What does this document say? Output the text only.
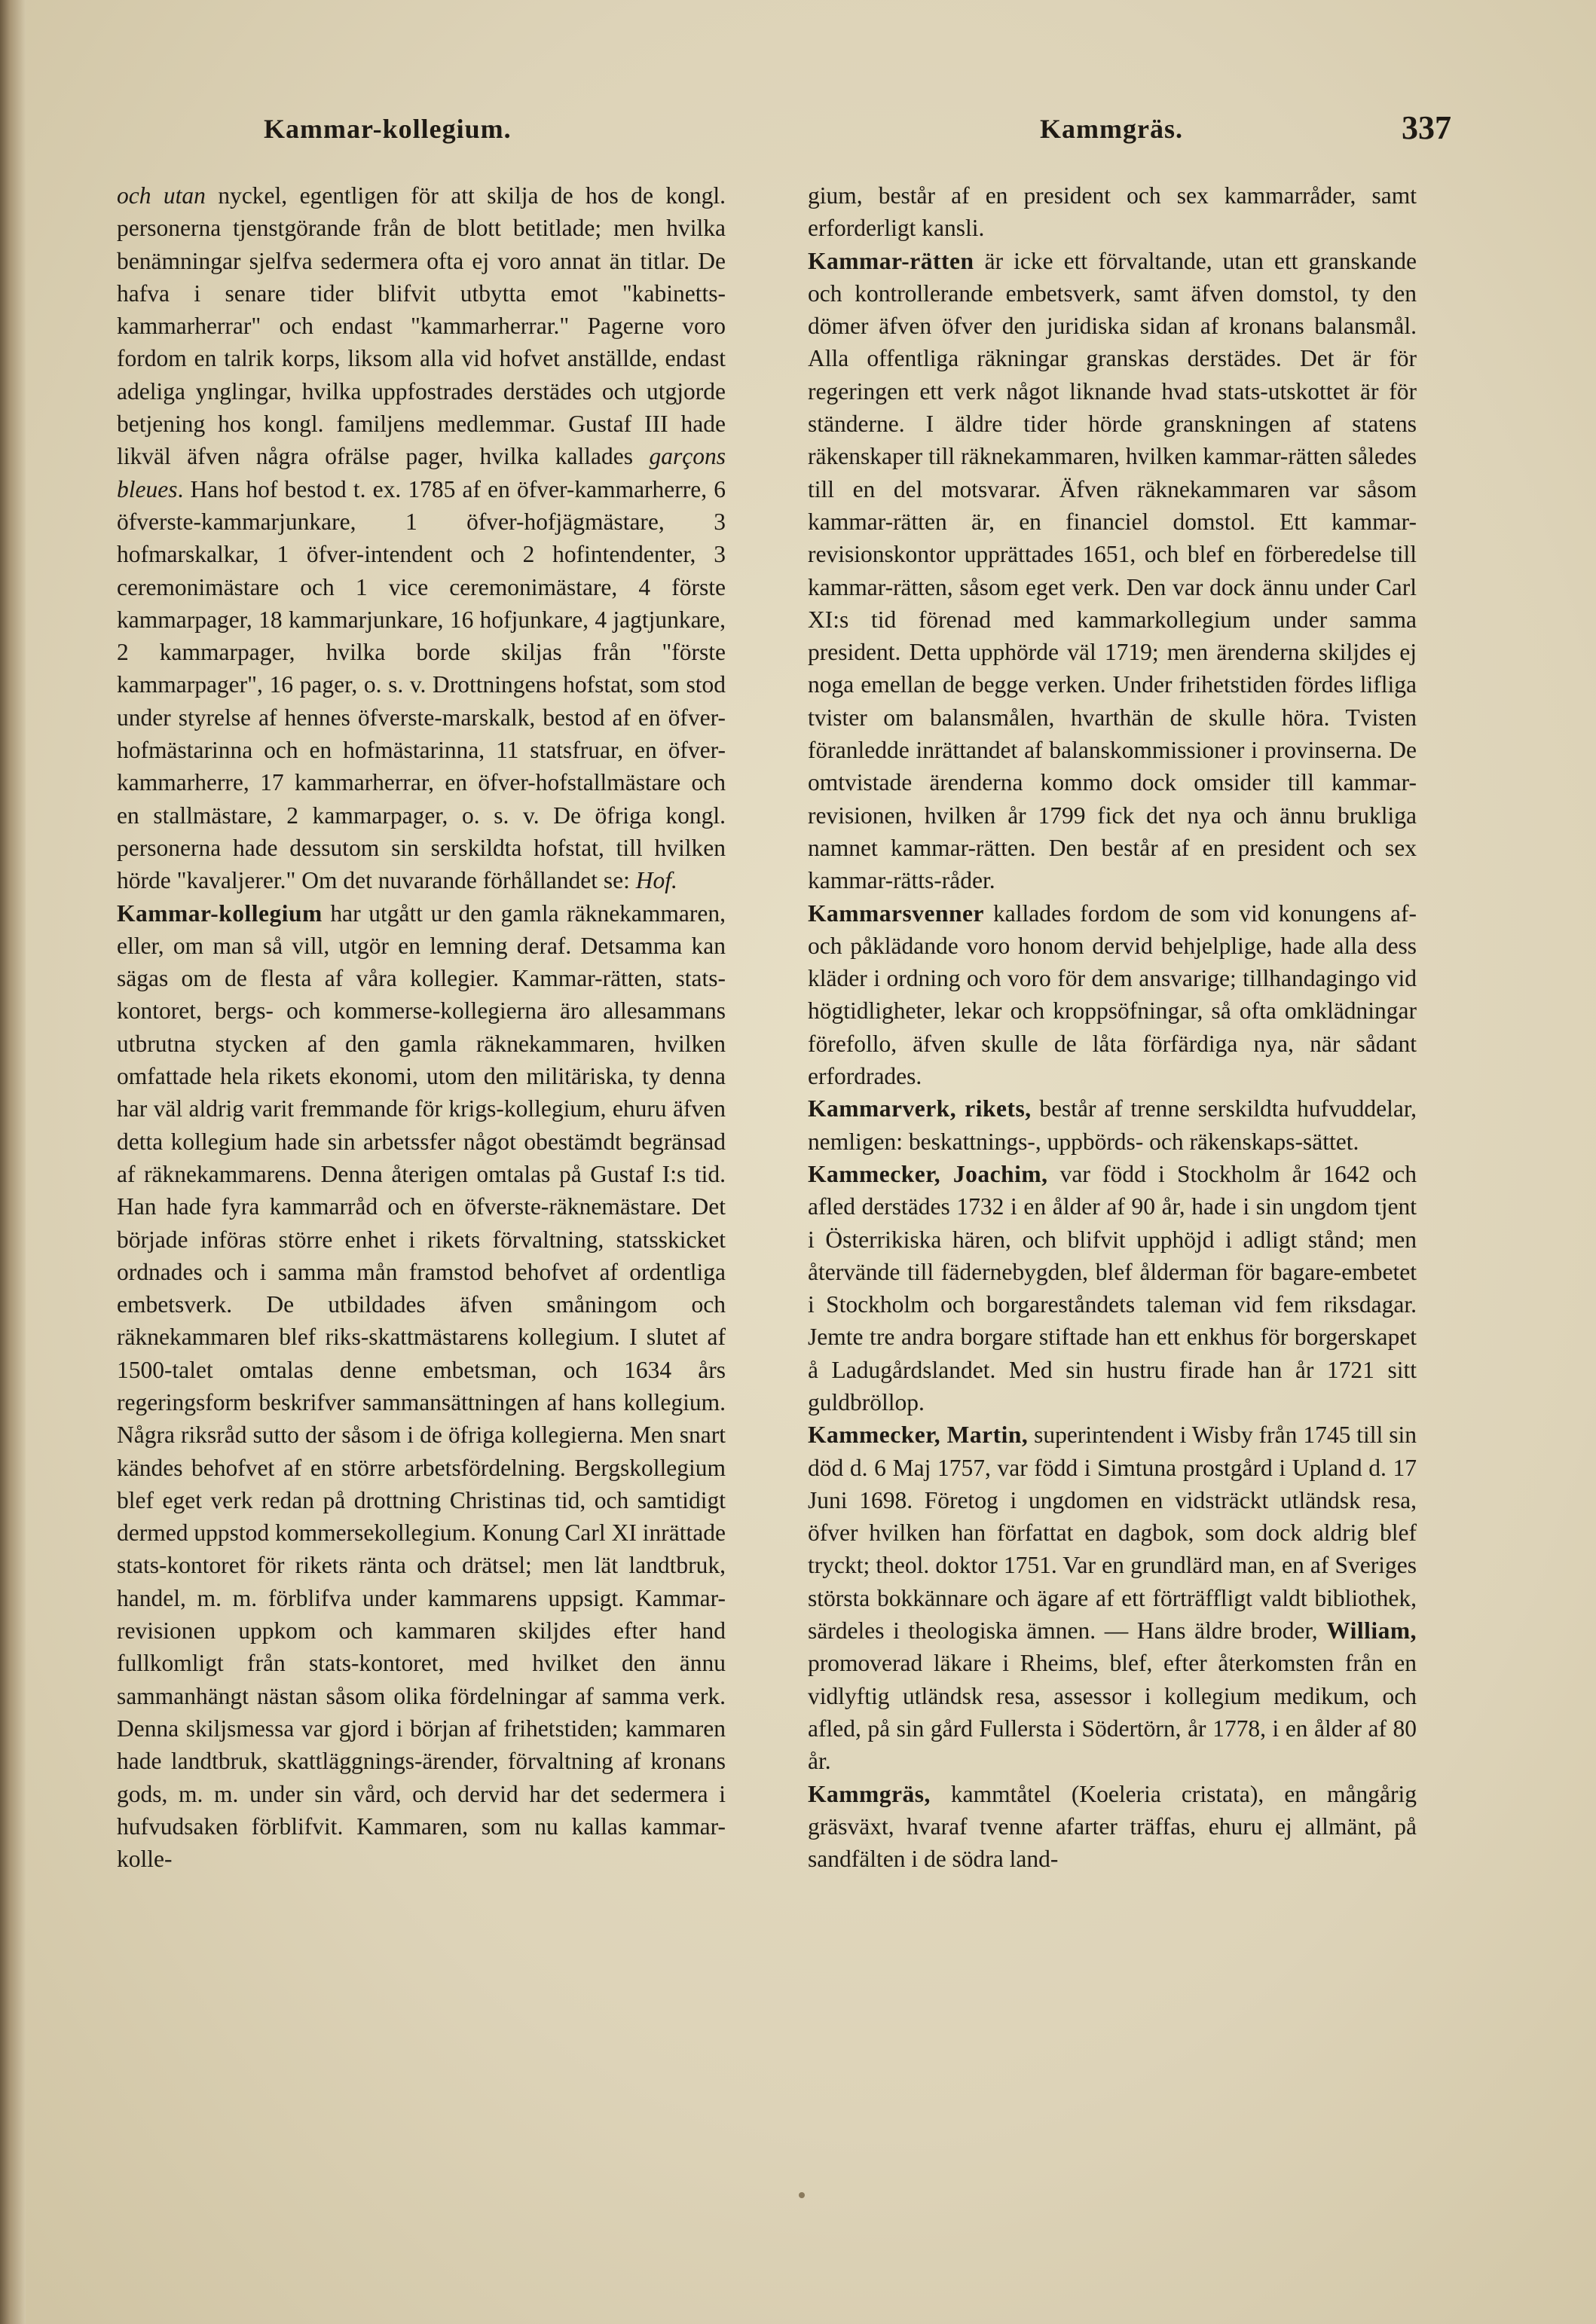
Kammar-kollegium.	Kammgräs.	337

och utan nyckel, egentligen för att skilja de hos de kongl. personerna tjenstgörande från de blott betitlade; men hvilka benämningar sjelfva sedermera ofta ej voro annat än titlar. De hafva i senare tider blifvit utbytta emot "kabinetts-kammarherrar" och endast "kammarherrar." Pagerne voro fordom en talrik korps, liksom alla vid hofvet anställde, endast adeliga ynglingar, hvilka uppfostrades derstädes och utgjorde betjening hos kongl. familjens medlemmar. Gustaf III hade likväl äfven några ofrälse pager, hvilka kallades garçons bleues. Hans hof bestod t. ex. 1785 af en öfver-kammarherre, 6 öfverste-kammarjunkare, 1 öfver-hofjägmästare, 3 hofmarskalkar, 1 öfver-intendent och 2 hofintendenter, 3 ceremonimästare och 1 vice ceremonimästare, 4 förste kammarpager, 18 kammarjunkare, 16 hofjunkare, 4 jagtjunkare, 2 kammarpager, hvilka borde skiljas från "förste kammarpager", 16 pager, o. s. v. Drottningens hofstat, som stod under styrelse af hennes öfverste-marskalk, bestod af en öfver-hofmästarinna och en hofmästarinna, 11 statsfruar, en öfver-kammarherre, 17 kammarherrar, en öfver-hofstallmästare och en stallmästare, 2 kammarpager, o. s. v. De öfriga kongl. personerna hade dessutom sin serskildta hofstat, till hvilken hörde "kavaljerer." Om det nuvarande förhållandet se: Hof.

Kammar-kollegium har utgått ur den gamla räknekammaren, eller, om man så vill, utgör en lemning deraf. Detsamma kan sägas om de flesta af våra kollegier. Kammar-rätten, stats-kontoret, bergs- och kommerse-kollegierna äro allesammans utbrutna stycken af den gamla räknekammaren, hvilken omfattade hela rikets ekonomi, utom den militäriska, ty denna har väl aldrig varit fremmande för krigs-kollegium, ehuru äfven detta kollegium hade sin arbetssfer något obestämdt begränsad af räknekammarens. Denna återigen omtalas på Gustaf I:s tid. Han hade fyra kammarråd och en öfverste-räknemästare. Det började införas större enhet i rikets förvaltning, statsskicket ordnades och i samma mån framstod behofvet af ordentliga embetsverk. De utbildades äfven småningom och räknekammaren blef riks-skattmästarens kollegium. I slutet af 1500-talet omtalas denne embetsman, och 1634 års regeringsform beskrifver sammansättningen af hans kollegium. Några riksråd sutto der såsom i de öfriga kollegierna. Men snart kändes behofvet af en större arbetsfördelning. Bergskollegium blef eget verk redan på drottning Christinas tid, och samtidigt dermed uppstod kommersekollegium. Konung Carl XI inrättade stats-kontoret för rikets ränta och drätsel; men lät landtbruk, handel, m. m. förblifva under kammarens uppsigt. Kammar-revisionen uppkom och kammaren skiljdes efter hand fullkomligt från stats-kontoret, med hvilket den ännu sammanhängt nästan såsom olika fördelningar af samma verk. Denna skiljsmessa var gjord i början af frihetstiden; kammaren hade landtbruk, skattläggnings-ärender, förvaltning af kronans gods, m. m. under sin vård, och dervid har det sedermera i hufvudsaken förblifvit. Kammaren, som nu kallas kammar-kolle-

gium, består af en president och sex kammarråder, samt erforderligt kansli.

Kammar-rätten är icke ett förvaltande, utan ett granskande och kontrollerande embetsverk, samt äfven domstol, ty den dömer äfven öfver den juridiska sidan af kronans balansmål. Alla offentliga räkningar granskas derstädes. Det är för regeringen ett verk något liknande hvad stats-utskottet är för ständerne. I äldre tider hörde granskningen af statens räkenskaper till räknekammaren, hvilken kammar-rätten således till en del motsvarar. Äfven räknekammaren var såsom kammar-rätten är, en financiel domstol. Ett kammar-revisionskontor upprättades 1651, och blef en förberedelse till kammar-rätten, såsom eget verk. Den var dock ännu under Carl XI:s tid förenad med kammarkollegium under samma president. Detta upphörde väl 1719; men ärenderna skiljdes ej noga emellan de begge verken. Under frihetstiden fördes lifliga tvister om balansmålen, hvarthän de skulle höra. Tvisten föranledde inrättandet af balanskommissioner i provinserna. De omtvistade ärenderna kommo dock omsider till kammar-revisionen, hvilken år 1799 fick det nya och ännu brukliga namnet kammar-rätten. Den består af en president och sex kammar-rätts-råder.

Kammarsvenner kallades fordom de som vid konungens af- och påklädande voro honom dervid behjelplige, hade alla dess kläder i ordning och voro för dem ansvarige; tillhandagingo vid högtidligheter, lekar och kroppsöfningar, så ofta omklädningar förefollo, äfven skulle de låta förfärdiga nya, när sådant erfordrades.

Kammarverk, rikets, består af trenne serskildta hufvuddelar, nemligen: beskattnings-, uppbörds- och räkenskaps-sättet.

Kammecker, Joachim, var född i Stockholm år 1642 och afled derstädes 1732 i en ålder af 90 år, hade i sin ungdom tjent i Österrikiska hären, och blifvit upphöjd i adligt stånd; men återvände till fädernebygden, blef ålderman för bagare-embetet i Stockholm och borgareståndets taleman vid fem riksdagar. Jemte tre andra borgare stiftade han ett enkhus för borgerskapet å Ladugårdslandet. Med sin hustru firade han år 1721 sitt guldbröllop.

Kammecker, Martin, superintendent i Wisby från 1745 till sin död d. 6 Maj 1757, var född i Simtuna prostgård i Upland d. 17 Juni 1698. Företog i ungdomen en vidsträckt utländsk resa, öfver hvilken han författat en dagbok, som dock aldrig blef tryckt; theol. doktor 1751. Var en grundlärd man, en af Sveriges största bokkännare och ägare af ett förträffligt valdt bibliothek, särdeles i theologiska ämnen. — Hans äldre broder, William, promoverad läkare i Rheims, blef, efter återkomsten från en vidlyftig utländsk resa, assessor i kollegium medikum, och afled, på sin gård Fullersta i Södertörn, år 1778, i en ålder af 80 år.

Kammgräs, kammtåtel (Koeleria cristata), en mångårig gräsväxt, hvaraf tvenne afarter träffas, ehuru ej allmänt, på sandfälten i de södra land-
